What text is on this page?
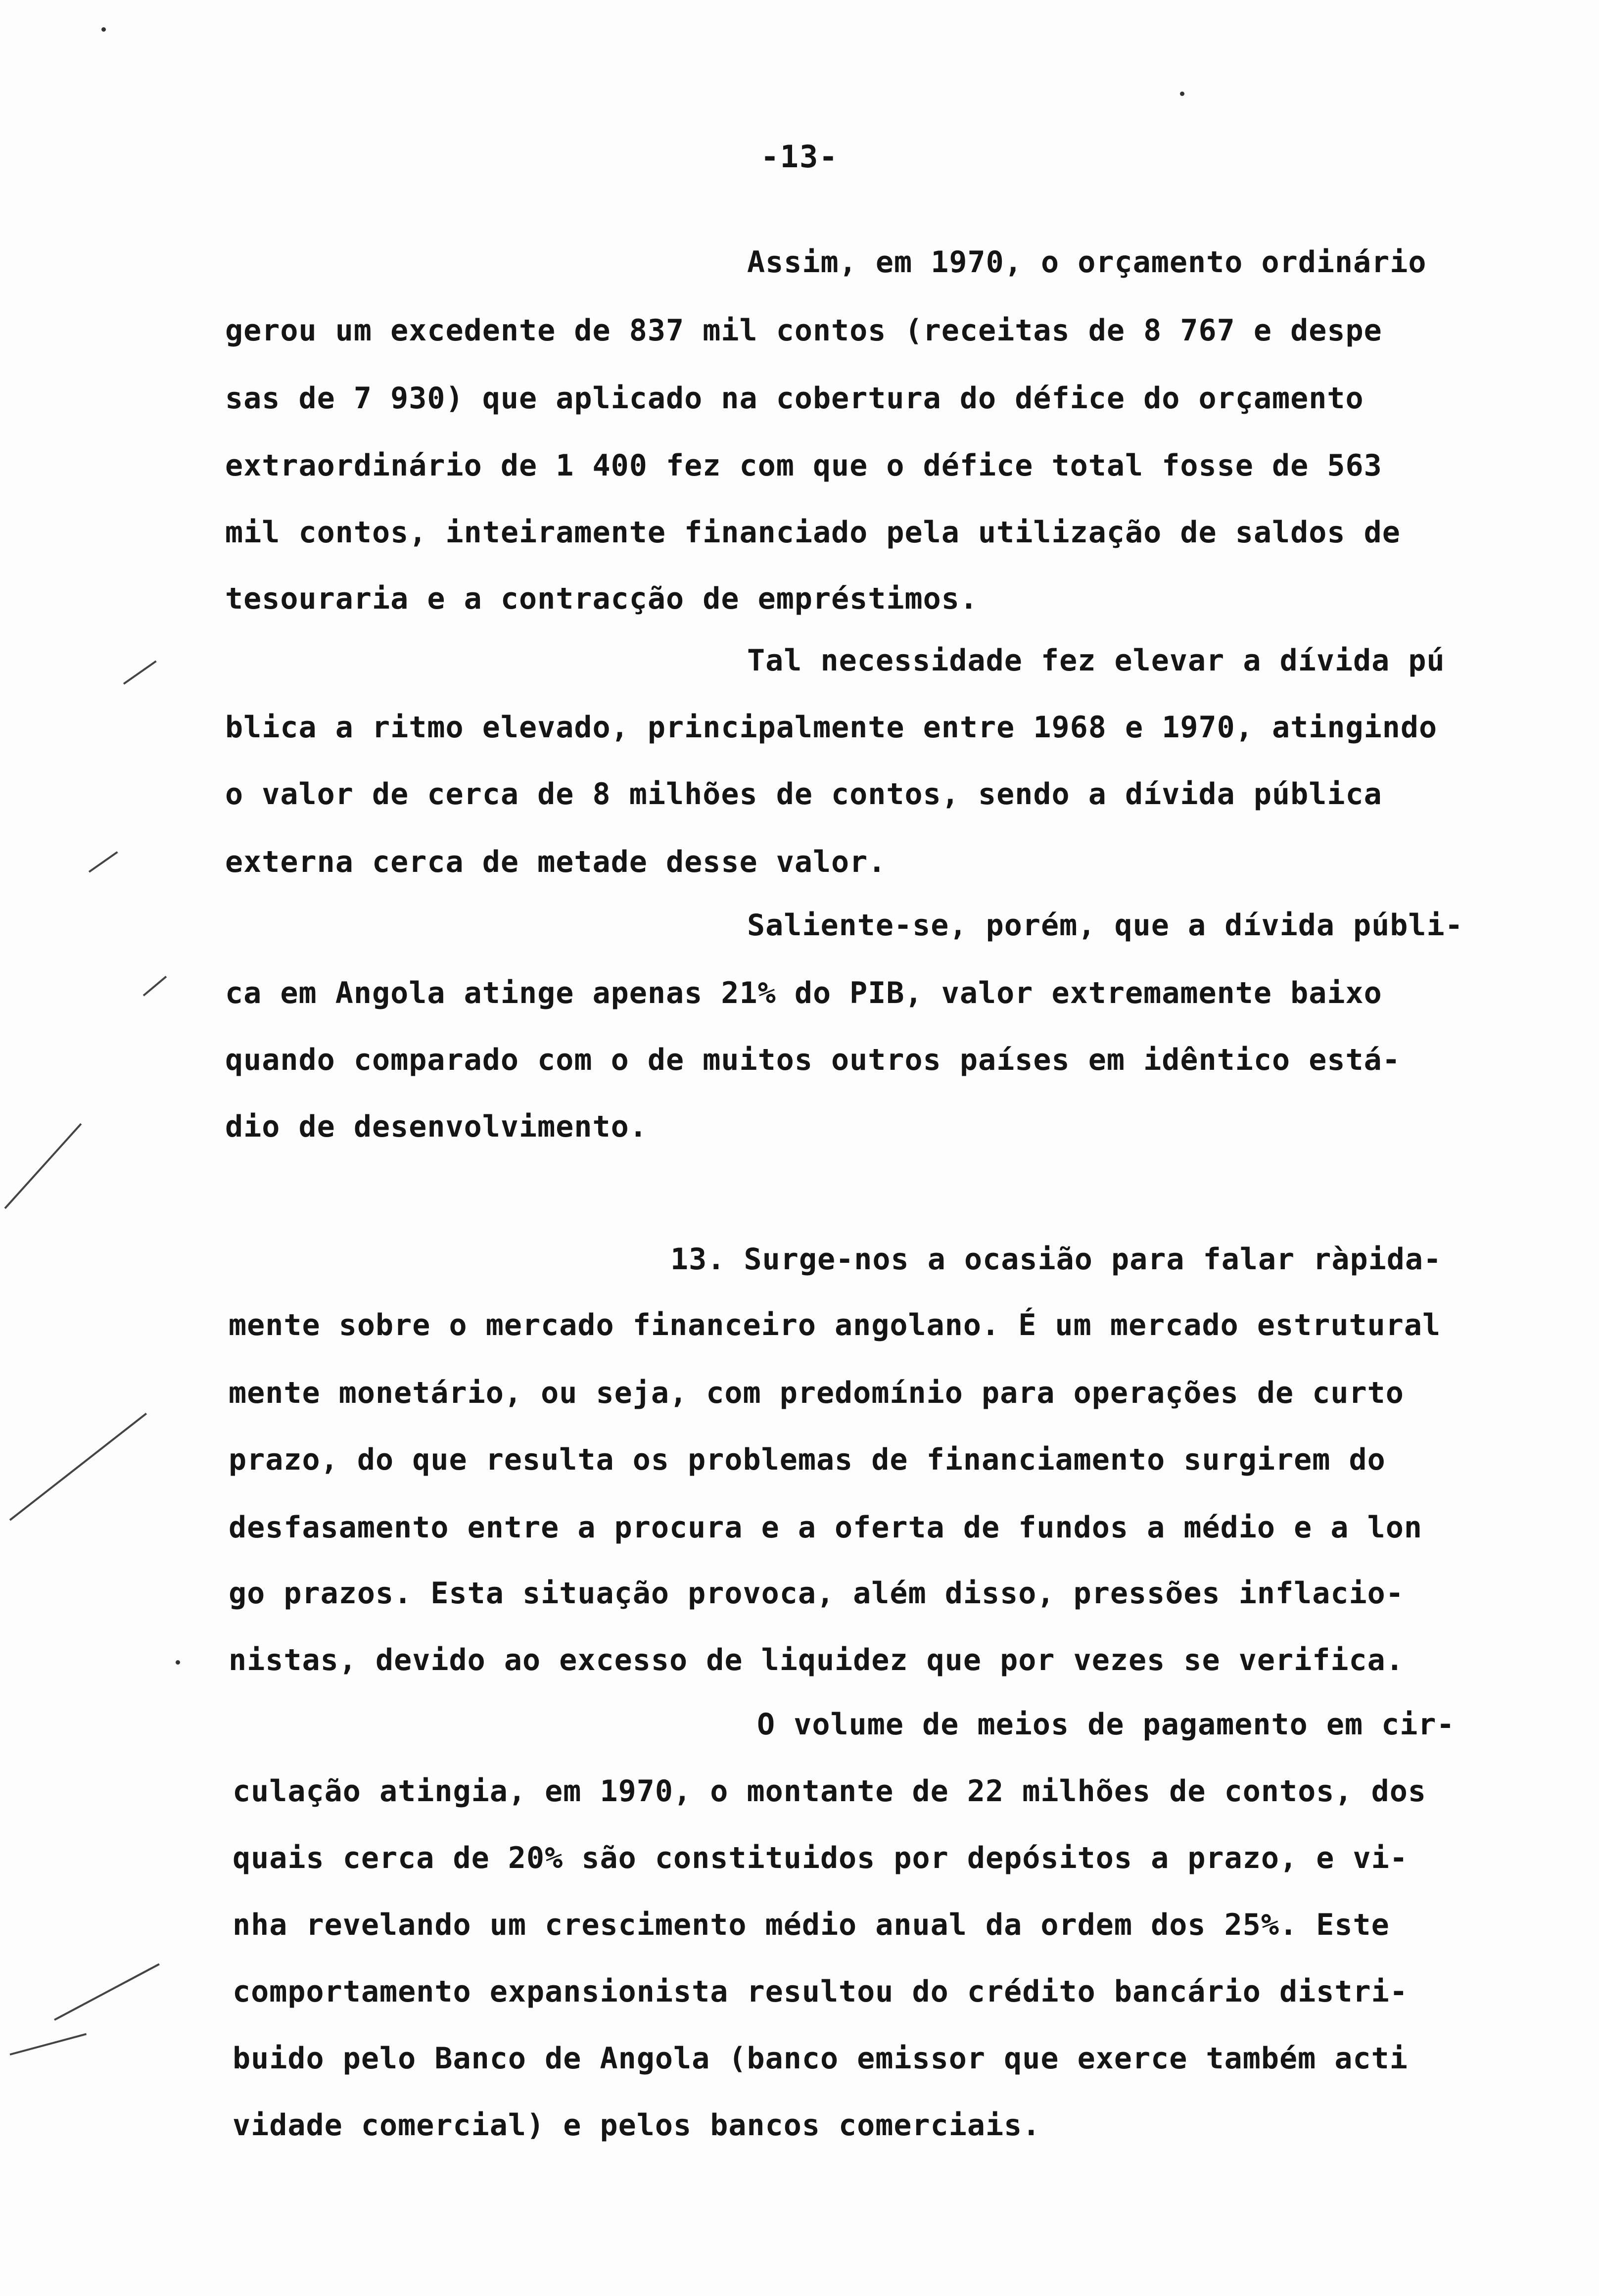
-13-
Assim, em 1970, o orçamento ordinário
gerou um excedente de 837 mil contos (receitas de 8 767 e despe
sas de 7 930) que aplicado na cobertura do défice do orçamento
extraordinário de 1 400 fez com que o défice total fosse de 563
mil contos, inteiramente financiado pela utilização de saldos de
tesouraria e a contracção de empréstimos.
Tal necessidade fez elevar a dívida pú
blica a ritmo elevado, principalmente entre 1968 e 1970, atingindo
o valor de cerca de 8 milhões de contos, sendo a dívida pública
externa cerca de metade desse valor.
Saliente-se, porém, que a dívida públi-
ca em Angola atinge apenas 21% do PIB, valor extremamente baixo
quando comparado com o de muitos outros países em idêntico está-
dio de desenvolvimento.
13. Surge-nos a ocasião para falar ràpida-
mente sobre o mercado financeiro angolano. É um mercado estrutural
mente monetário, ou seja, com predomínio para operações de curto
prazo, do que resulta os problemas de financiamento surgirem do
desfasamento entre a procura e a oferta de fundos a médio e a lon
go prazos. Esta situação provoca, além disso, pressões inflacio-
nistas, devido ao excesso de liquidez que por vezes se verifica.
O volume de meios de pagamento em cir-
culação atingia, em 1970, o montante de 22 milhões de contos, dos
quais cerca de 20% são constituidos por depósitos a prazo, e vi-
nha revelando um crescimento médio anual da ordem dos 25%. Este
comportamento expansionista resultou do crédito bancário distri-
buido pelo Banco de Angola (banco emissor que exerce também acti
vidade comercial) e pelos bancos comerciais.
